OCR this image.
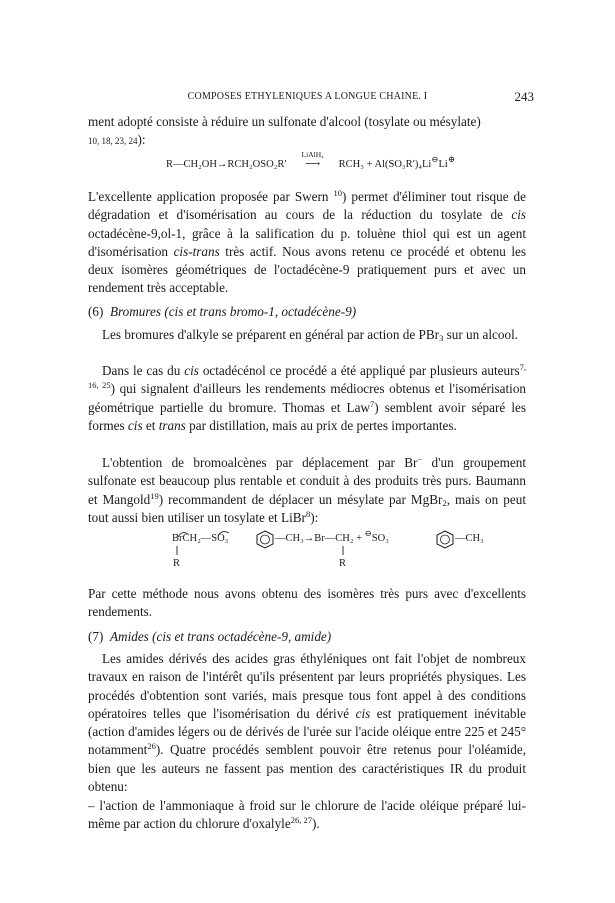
COMPOSES ETHYLENIQUES A LONGUE CHAINE. I	243

ment adopté consiste à réduire un sulfonate d'alcool (tosylate ou mésylate)
10, 18, 23, 24):

R—CH₂OH→RCH₂OSO₂R′
LiAlH₄
⟶ RCH₃ + Al(SO₃R′)₄Li⊖Li⊕

L'excellente application proposée par Swern $^{10}$) permet d'éliminer tout risque de dégradation et d'isomérisation au cours de la réduction du tosylate de cis octadécène-9,ol-1, grâce à la salification du p. toluène thiol qui est un agent d'isomérisation cis-trans très actif. Nous avons retenu ce procédé et obtenu les deux isomères géométriques de l'octadécène-9 pratiquement purs et avec un rendement très acceptable.

(6) Bromures (cis et trans bromo-1, octadécène-9)

Les bromures d'alkyle se préparent en général par action de PBr$_3$ sur un alcool.

Dans le cas du cis octadécénol ce procédé a été appliqué par plusieurs auteurs$^{7, 16, 25}$) qui signalent d'ailleurs les rendements médiocres obtenus et l'isomérisation géométrique partielle du bromure. Thomas et Law$^7$) semblent avoir séparé les formes cis et trans par distillation, mais au prix de pertes importantes.

L'obtention de bromoalcènes par déplacement par Br− d'un groupement sulfonate est beaucoup plus rentable et conduit à des produits très purs. Baumann et Mangold$^{19}$) recommandent de déplacer un mésylate par MgBr$_2$, mais on peut tout aussi bien utiliser un tosylate et LiBr$^8$):

BrCH₂—SO₃	—CH₃→Br—CH₂ + ⊖SO₃	—CH₃
R	R

Par cette méthode nous avons obtenu des isomères très purs avec d'excellents rendements.

(7) Amides (cis et trans octadécène-9, amide)

Les amides dérivés des acides gras éthyléniques ont fait l'objet de nombreux travaux en raison de l'intérêt qu'ils présentent par leurs propriétés physiques. Les procédés d'obtention sont variés, mais presque tous font appel à des conditions opératoires telles que l'isomérisation du dérivé cis est pratiquement inévitable (action d'amides légers ou de dérivés de l'urée sur l'acide oléique entre 225 et 245° notamment$^{26}$). Quatre procédés semblent pouvoir être retenus pour l'oléamide, bien que les auteurs ne fassent pas mention des caractéristiques IR du produit obtenu:

– l'action de l'ammoniaque à froid sur le chlorure de l'acide oléique préparé lui-même par action du chlorure d'oxalyle$^{26, 27}$).
